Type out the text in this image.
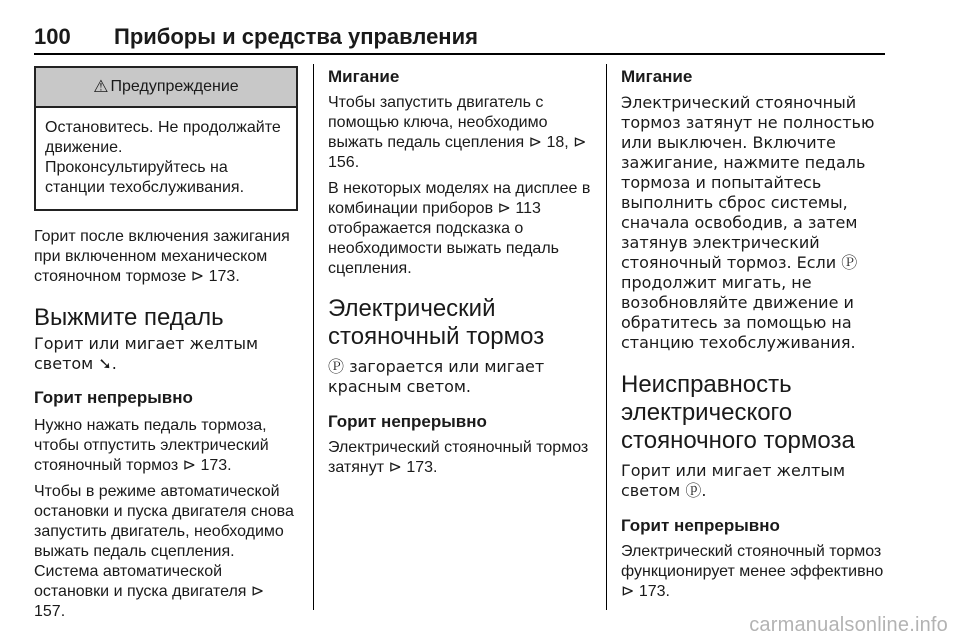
100 Приборы и средства управления
⚠ Предупреждение
Остановитесь. Не продолжайте движение. Проконсультируйтесь на станции техобслуживания.

Горит после включения зажигания при включенном механическом стояночном тормозе ⊳ 173.

Выжмите педаль

Горит или мигает желтым светом ➘.

Горит непрерывно

Нужно нажать педаль тормоза, чтобы отпустить электрический стояночный тормоз ⊳ 173.

Чтобы в режиме автоматической остановки и пуска двигателя снова запустить двигатель, необходимо выжать педаль сцепления. Система автоматической остановки и пуска двигателя ⊳ 157.

Мигание

Чтобы запустить двигатель с помощью ключа, необходимо выжать педаль сцепления ⊳ 18, ⊳ 156.

В некоторых моделях на дисплее в комбинации приборов ⊳ 113 отображается подсказка о необходимости выжать педаль сцепления.

Электрический стояночный тормоз

Ⓟ загорается или мигает красным светом.

Горит непрерывно

Электрический стояночный тормоз затянут ⊳ 173.

Мигание

Электрический стояночный тормоз затянут не полностью или выключен. Включите зажигание, нажмите педаль тормоза и попытайтесь выполнить сброс системы, сначала освободив, а затем затянув электрический стояночный тормоз. Если Ⓟ продолжит мигать, не возобновляйте движение и обратитесь за помощью на станцию техобслуживания.

Неисправность электрического стояночного тормоза

Горит или мигает желтым светом ⓟ.

Горит непрерывно

Электрический стояночный тормоз функционирует менее эффективно ⊳ 173.

carmanualsonline.info
